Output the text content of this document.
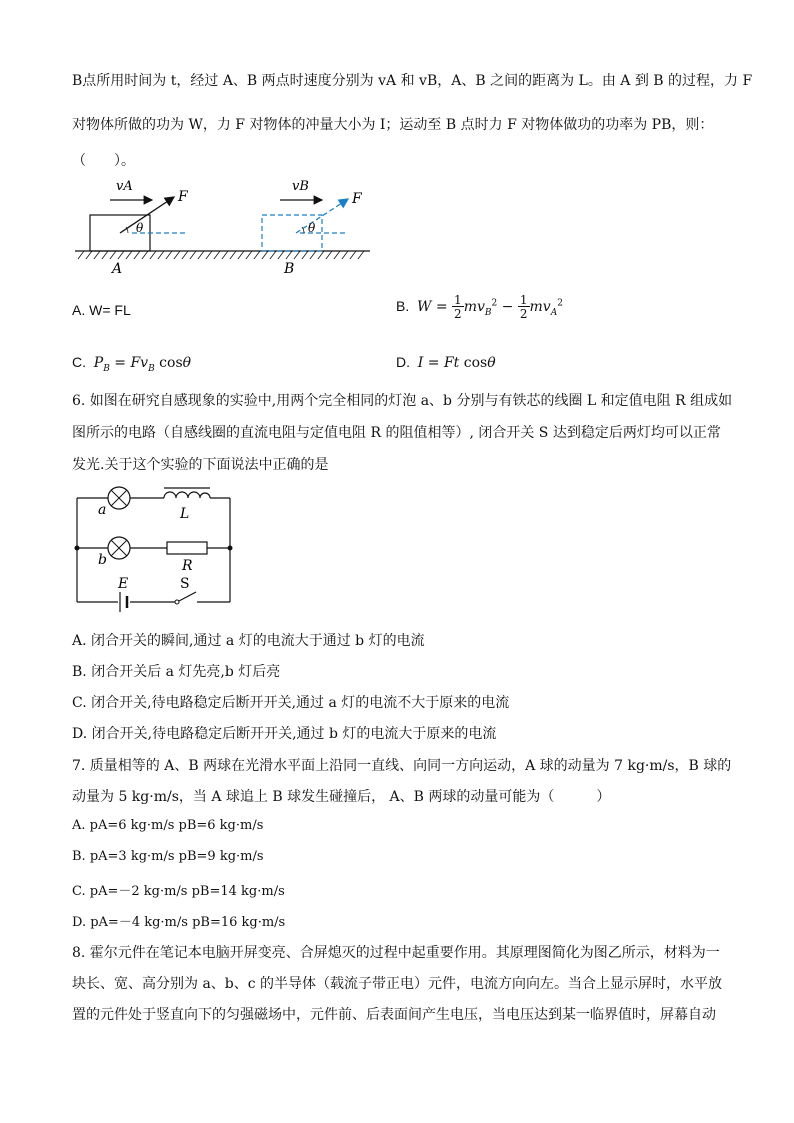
B点所用时间为 t，经过 A、B 两点时速度分别为 vA 和 vB，A、B 之间的距离为 L。由 A 到 B 的过程，力 F
对物体所做的功为 W，力 F 对物体的冲量大小为 I；运动至 B 点时力 F 对物体做功的功率为 PB，则：
（　　）。
vA
F
θ
A
vB
F
θ
B
A. W= FL	B.  $W = \frac{1}{2} mv_B^2 - \frac{1}{2} mv_A^2$
C.  $P_B = Fv_B$ cosθ	D.  I = Ft cosθ
6. 如图在研究自感现象的实验中,用两个完全相同的灯泡 a、b 分别与有铁芯的线圈 L 和定值电阻 R 组成如
图所示的电路（自感线圈的直流电阻与定值电阻 R 的阻值相等）, 闭合开关 S 达到稳定后两灯均可以正常
发光.关于这个实验的下面说法中正确的是
a	L
b	R
E	S
A. 闭合开关的瞬间,通过 a 灯的电流大于通过 b 灯的电流
B. 闭合开关后 a 灯先亮,b 灯后亮
C. 闭合开关,待电路稳定后断开开关,通过 a 灯的电流不大于原来的电流
D. 闭合开关,待电路稳定后断开开关,通过 b 灯的电流大于原来的电流
7. 质量相等的 A、B 两球在光滑水平面上沿同一直线、向同一方向运动，A 球的动量为 7 kg·m/s，B 球的
动量为 5 kg·m/s，当 A 球追上 B 球发生碰撞后， A、B 两球的动量可能为（　　　）
A. pA=6 kg·m/s pB=6 kg·m/s
B. pA=3 kg·m/s pB=9 kg·m/s
C. pA=－2 kg·m/s pB=14 kg·m/s
D. pA=－4 kg·m/s pB=16 kg·m/s
8. 霍尔元件在笔记本电脑开屏变亮、合屏熄灭的过程中起重要作用。其原理图简化为图乙所示，材料为一
块长、宽、高分别为 a、b、c 的半导体（载流子带正电）元件，电流方向向左。当合上显示屏时，水平放
置的元件处于竖直向下的匀强磁场中，元件前、后表面间产生电压，当电压达到某一临界值时，屏幕自动
